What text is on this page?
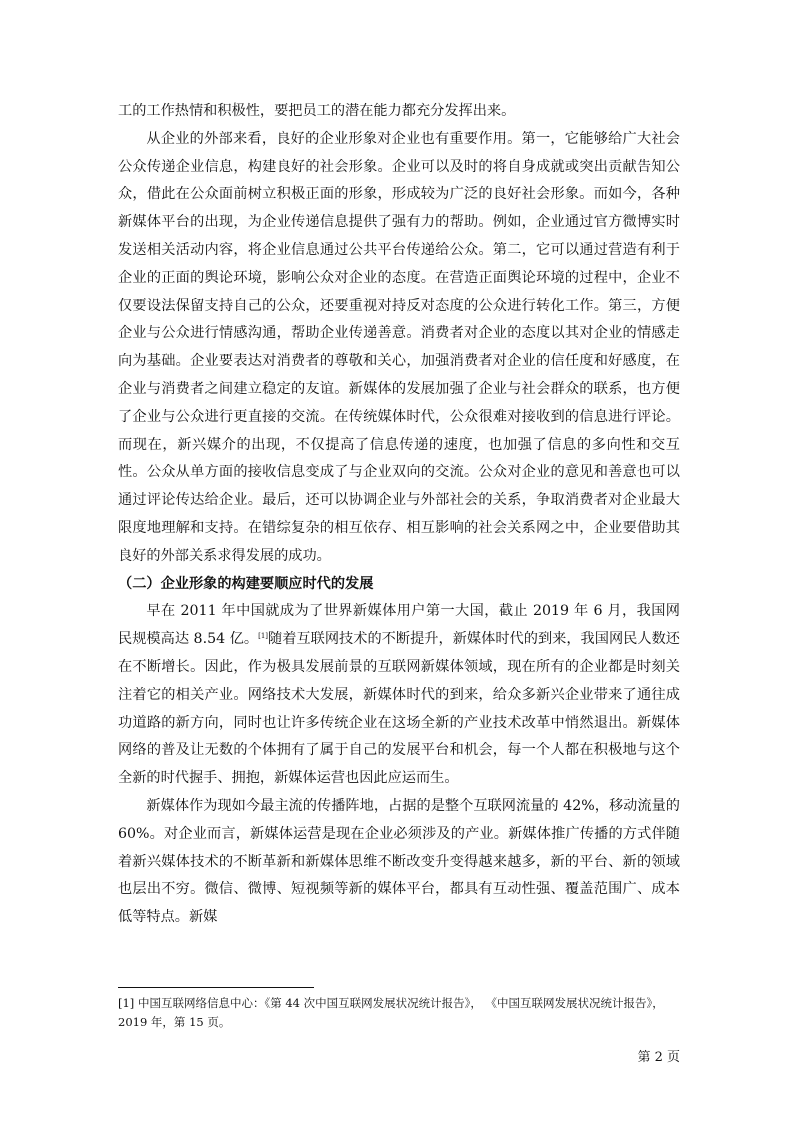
工的工作热情和积极性，要把员工的潜在能力都充分发挥出来。

从企业的外部来看，良好的企业形象对企业也有重要作用。第一，它能够给广大社会公众传递企业信息，构建良好的社会形象。企业可以及时的将自身成就或突出贡献告知公众，借此在公众面前树立积极正面的形象，形成较为广泛的良好社会形象。而如今，各种新媒体平台的出现，为企业传递信息提供了强有力的帮助。例如，企业通过官方微博实时发送相关活动内容，将企业信息通过公共平台传递给公众。第二，它可以通过营造有利于企业的正面的舆论环境，影响公众对企业的态度。在营造正面舆论环境的过程中，企业不仅要设法保留支持自己的公众，还要重视对持反对态度的公众进行转化工作。第三，方便企业与公众进行情感沟通，帮助企业传递善意。消费者对企业的态度以其对企业的情感走向为基础。企业要表达对消费者的尊敬和关心，加强消费者对企业的信任度和好感度，在企业与消费者之间建立稳定的友谊。新媒体的发展加强了企业与社会群众的联系，也方便了企业与公众进行更直接的交流。在传统媒体时代，公众很难对接收到的信息进行评论。而现在，新兴媒介的出现，不仅提高了信息传递的速度，也加强了信息的多向性和交互性。公众从单方面的接收信息变成了与企业双向的交流。公众对企业的意见和善意也可以通过评论传达给企业。最后，还可以协调企业与外部社会的关系，争取消费者对企业最大限度地理解和支持。在错综复杂的相互依存、相互影响的社会关系网之中，企业要借助其良好的外部关系求得发展的成功。

（二）企业形象的构建要顺应时代的发展

早在 2011 年中国就成为了世界新媒体用户第一大国，截止 2019 年 6 月，我国网民规模高达 8.54 亿。[1]随着互联网技术的不断提升，新媒体时代的到来，我国网民人数还在不断增长。因此，作为极具发展前景的互联网新媒体领域，现在所有的企业都是时刻关注着它的相关产业。网络技术大发展，新媒体时代的到来，给众多新兴企业带来了通往成功道路的新方向，同时也让许多传统企业在这场全新的产业技术改革中悄然退出。新媒体网络的普及让无数的个体拥有了属于自己的发展平台和机会，每一个人都在积极地与这个全新的时代握手、拥抱，新媒体运营也因此应运而生。

新媒体作为现如今最主流的传播阵地，占据的是整个互联网流量的 42%，移动流量的 60%。对企业而言，新媒体运营是现在企业必须涉及的产业。新媒体推广传播的方式伴随着新兴媒体技术的不断革新和新媒体思维不断改变升变得越来越多，新的平台、新的领域也层出不穷。微信、微博、短视频等新的媒体平台，都具有互动性强、覆盖范围广、成本低等特点。新媒

[1] 中国互联网络信息中心：《第 44 次中国互联网发展状况统计报告》， 《中国互联网发展状况统计报告》，2019 年，第 15 页。

第 2 页
